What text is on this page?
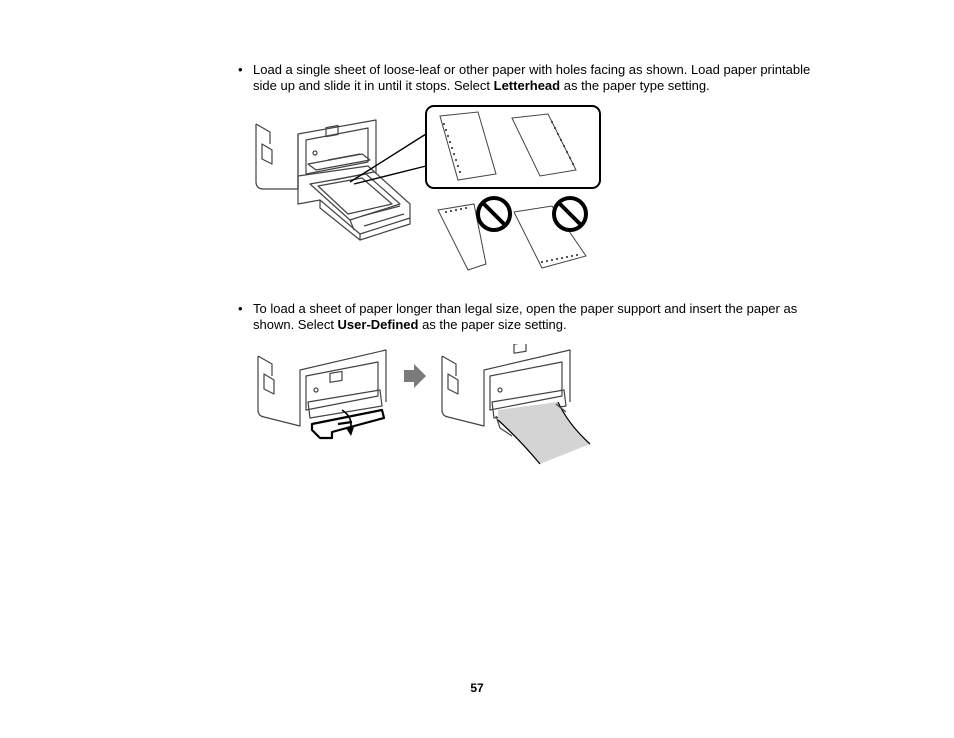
• Load a single sheet of loose-leaf or other paper with holes facing as shown. Load paper printable side up and slide it in until it stops. Select Letterhead as the paper type setting.
• To load a sheet of paper longer than legal size, open the paper support and insert the paper as shown. Select User-Defined as the paper size setting.
57
